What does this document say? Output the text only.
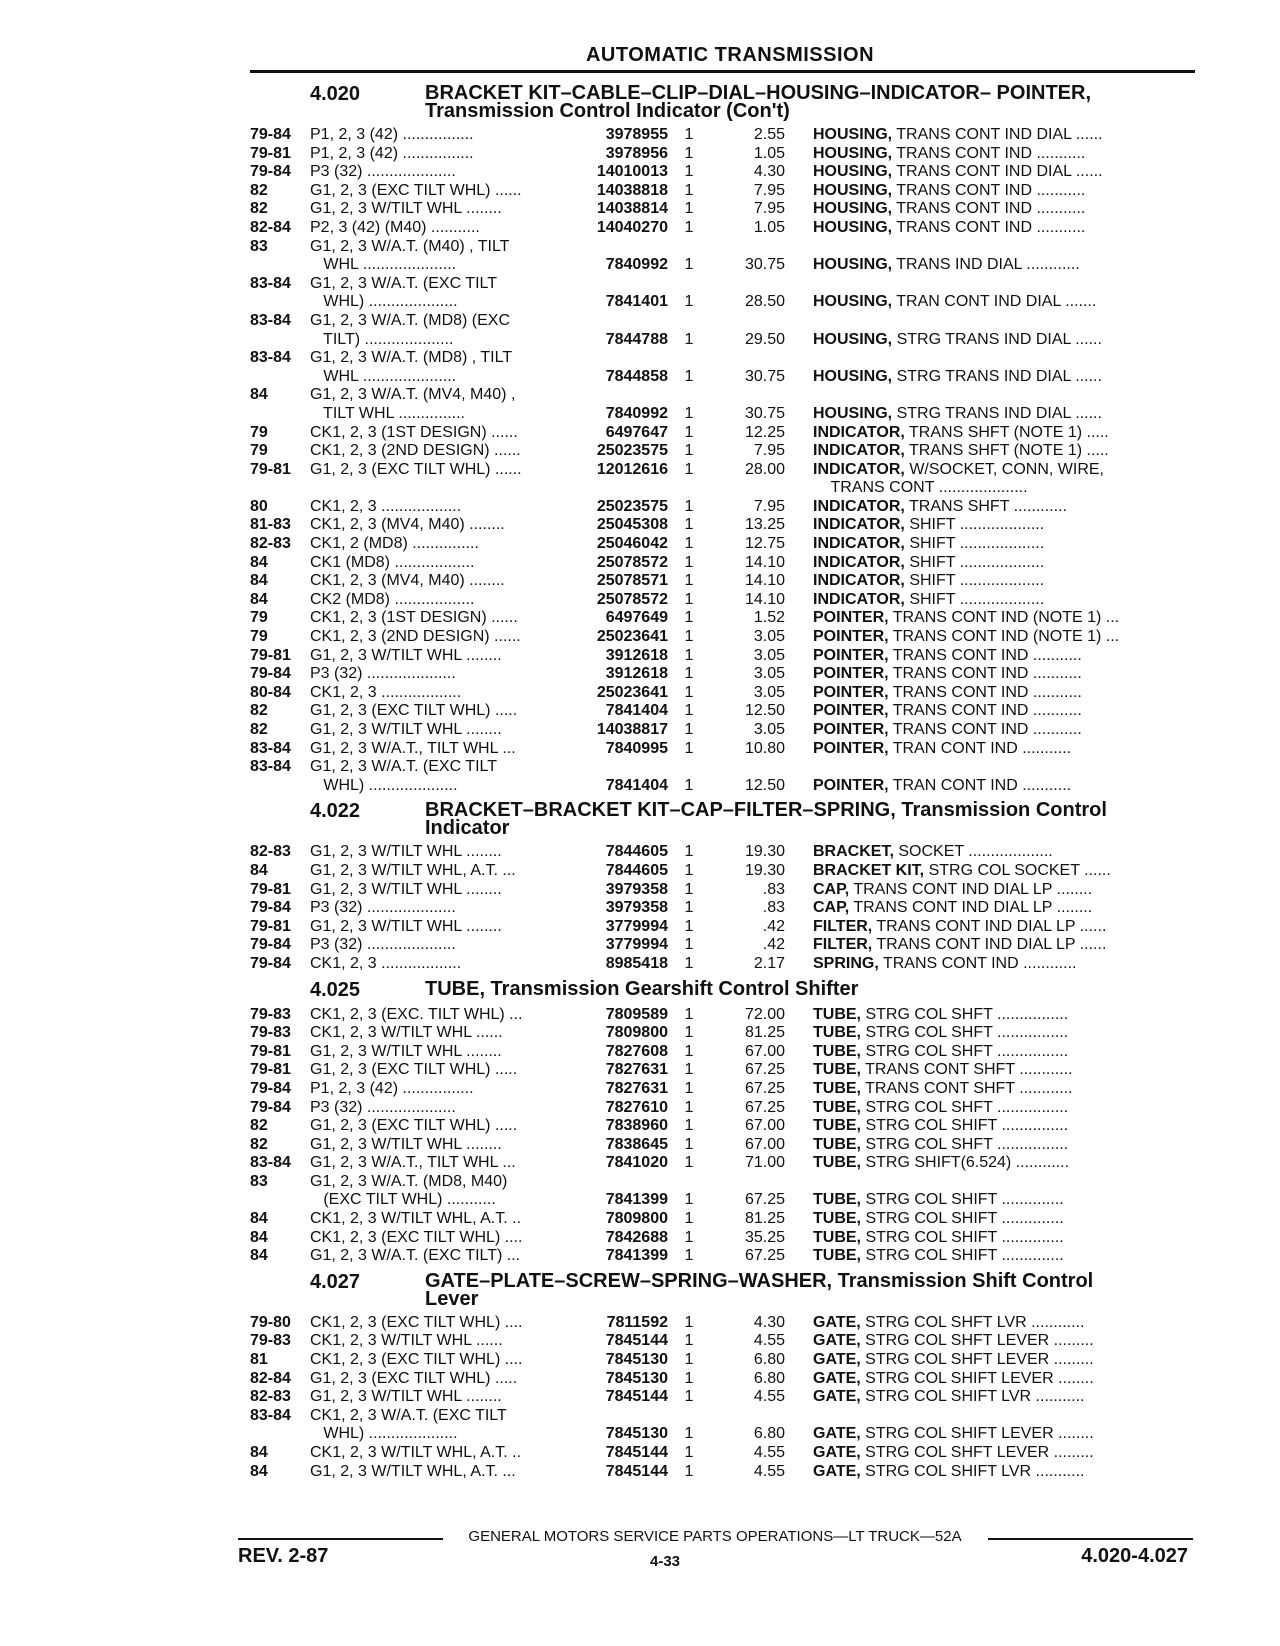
AUTOMATIC TRANSMISSION
4.020	BRACKET KIT–CABLE–CLIP–DIAL–HOUSING–INDICATOR– POINTER,
Transmission Control Indicator (Con't)
79-84	P1, 2, 3 (42) ................	3978955	1	2.55	HOUSING, TRANS CONT IND DIAL ......
79-81	P1, 2, 3 (42) ................	3978956	1	1.05	HOUSING, TRANS CONT IND ...........
79-84	P3 (32) ....................	14010013	1	4.30	HOUSING, TRANS CONT IND DIAL ......
82	G1, 2, 3 (EXC TILT WHL) ......	14038818	1	7.95	HOUSING, TRANS CONT IND ...........
82	G1, 2, 3 W/TILT WHL ........	14038814	1	7.95	HOUSING, TRANS CONT IND ...........
82-84	P2, 3 (42) (M40) ...........	14040270	1	1.05	HOUSING, TRANS CONT IND ...........
83	G1, 2, 3 W/A.T. (M40) , TILT

WHL .....................	7840992	1	30.75	HOUSING, TRANS IND DIAL ............
83-84	G1, 2, 3 W/A.T. (EXC TILT

WHL) ....................	7841401	1	28.50	HOUSING, TRAN CONT IND DIAL .......
83-84	G1, 2, 3 W/A.T. (MD8) (EXC

TILT) ....................	7844788	1	29.50	HOUSING, STRG TRANS IND DIAL ......
83-84	G1, 2, 3 W/A.T. (MD8) , TILT

WHL .....................	7844858	1	30.75	HOUSING, STRG TRANS IND DIAL ......
84	G1, 2, 3 W/A.T. (MV4, M40) ,

TILT WHL ...............	7840992	1	30.75	HOUSING, STRG TRANS IND DIAL ......
79	CK1, 2, 3 (1ST DESIGN) ......	6497647	1	12.25	INDICATOR, TRANS SHFT (NOTE 1) .....
79	CK1, 2, 3 (2ND DESIGN) ......	25023575	1	7.95	INDICATOR, TRANS SHFT (NOTE 1) .....
79-81	G1, 2, 3 (EXC TILT WHL) ......	12012616	1	28.00	INDICATOR, W/SOCKET, CONN, WIRE,
TRANS CONT ....................
80	CK1, 2, 3 ..................	25023575	1	7.95	INDICATOR, TRANS SHFT ............
81-83	CK1, 2, 3 (MV4, M40) ........	25045308	1	13.25	INDICATOR, SHIFT ...................
82-83	CK1, 2 (MD8) ...............	25046042	1	12.75	INDICATOR, SHIFT ...................
84	CK1 (MD8) ..................	25078572	1	14.10	INDICATOR, SHIFT ...................
84	CK1, 2, 3 (MV4, M40) ........	25078571	1	14.10	INDICATOR, SHIFT ...................
84	CK2 (MD8) ..................	25078572	1	14.10	INDICATOR, SHIFT ...................
79	CK1, 2, 3 (1ST DESIGN) ......	6497649	1	1.52	POINTER, TRANS CONT IND (NOTE 1) ...
79	CK1, 2, 3 (2ND DESIGN) ......	25023641	1	3.05	POINTER, TRANS CONT IND (NOTE 1) ...
79-81	G1, 2, 3 W/TILT WHL ........	3912618	1	3.05	POINTER, TRANS CONT IND ...........
79-84	P3 (32) ....................	3912618	1	3.05	POINTER, TRANS CONT IND ...........
80-84	CK1, 2, 3 ..................	25023641	1	3.05	POINTER, TRANS CONT IND ...........
82	G1, 2, 3 (EXC TILT WHL) .....	7841404	1	12.50	POINTER, TRANS CONT IND ...........
82	G1, 2, 3 W/TILT WHL ........	14038817	1	3.05	POINTER, TRANS CONT IND ...........
83-84	G1, 2, 3 W/A.T., TILT WHL ...	7840995	1	10.80	POINTER, TRAN CONT IND ...........
83-84	G1, 2, 3 W/A.T. (EXC TILT

WHL) ....................	7841404	1	12.50	POINTER, TRAN CONT IND ...........
4.022	BRACKET–BRACKET KIT–CAP–FILTER–SPRING, Transmission Control
Indicator
82-83	G1, 2, 3 W/TILT WHL ........	7844605	1	19.30	BRACKET, SOCKET ...................
84	G1, 2, 3 W/TILT WHL, A.T. ...	7844605	1	19.30	BRACKET KIT, STRG COL SOCKET ......
79-81	G1, 2, 3 W/TILT WHL ........	3979358	1	.83	CAP, TRANS CONT IND DIAL LP ........
79-84	P3 (32) ....................	3979358	1	.83	CAP, TRANS CONT IND DIAL LP ........
79-81	G1, 2, 3 W/TILT WHL ........	3779994	1	.42	FILTER, TRANS CONT IND DIAL LP ......
79-84	P3 (32) ....................	3779994	1	.42	FILTER, TRANS CONT IND DIAL LP ......
79-84	CK1, 2, 3 ..................	8985418	1	2.17	SPRING, TRANS CONT IND ............
4.025	TUBE, Transmission Gearshift Control Shifter
79-83	CK1, 2, 3 (EXC. TILT WHL) ...	7809589	1	72.00	TUBE, STRG COL SHFT ................
79-83	CK1, 2, 3 W/TILT WHL ......	7809800	1	81.25	TUBE, STRG COL SHFT ................
79-81	G1, 2, 3 W/TILT WHL ........	7827608	1	67.00	TUBE, STRG COL SHFT ................
79-81	G1, 2, 3 (EXC TILT WHL) .....	7827631	1	67.25	TUBE, TRANS CONT SHFT ............
79-84	P1, 2, 3 (42) ................	7827631	1	67.25	TUBE, TRANS CONT SHFT ............
79-84	P3 (32) ....................	7827610	1	67.25	TUBE, STRG COL SHFT ................
82	G1, 2, 3 (EXC TILT WHL) .....	7838960	1	67.00	TUBE, STRG COL SHIFT ...............
82	G1, 2, 3 W/TILT WHL ........	7838645	1	67.00	TUBE, STRG COL SHFT ................
83-84	G1, 2, 3 W/A.T., TILT WHL ...	7841020	1	71.00	TUBE, STRG SHIFT(6.524) ............
83	G1, 2, 3 W/A.T. (MD8, M40)

(EXC TILT WHL) ...........	7841399	1	67.25	TUBE, STRG COL SHIFT ..............
84	CK1, 2, 3 W/TILT WHL, A.T. ..	7809800	1	81.25	TUBE, STRG COL SHIFT ..............
84	CK1, 2, 3 (EXC TILT WHL) ....	7842688	1	35.25	TUBE, STRG COL SHIFT ..............
84	G1, 2, 3 W/A.T. (EXC TILT) ...	7841399	1	67.25	TUBE, STRG COL SHIFT ..............
4.027	GATE–PLATE–SCREW–SPRING–WASHER, Transmission Shift Control
Lever
79-80	CK1, 2, 3 (EXC TILT WHL) ....	7811592	1	4.30	GATE, STRG COL SHFT LVR ............
79-83	CK1, 2, 3 W/TILT WHL ......	7845144	1	4.55	GATE, STRG COL SHFT LEVER .........
81	CK1, 2, 3 (EXC TILT WHL) ....	7845130	1	6.80	GATE, STRG COL SHFT LEVER .........
82-84	G1, 2, 3 (EXC TILT WHL) .....	7845130	1	6.80	GATE, STRG COL SHIFT LEVER ........
82-83	G1, 2, 3 W/TILT WHL ........	7845144	1	4.55	GATE, STRG COL SHIFT LVR ...........
83-84	CK1, 2, 3 W/A.T. (EXC TILT

WHL) ....................	7845130	1	6.80	GATE, STRG COL SHIFT LEVER ........
84	CK1, 2, 3 W/TILT WHL, A.T. ..	7845144	1	4.55	GATE, STRG COL SHFT LEVER .........
84	G1, 2, 3 W/TILT WHL, A.T. ...	7845144	1	4.55	GATE, STRG COL SHIFT LVR ...........
GENERAL MOTORS SERVICE PARTS OPERATIONS—LT TRUCK—52A
REV. 2-87	4-33	4.020-4.027
